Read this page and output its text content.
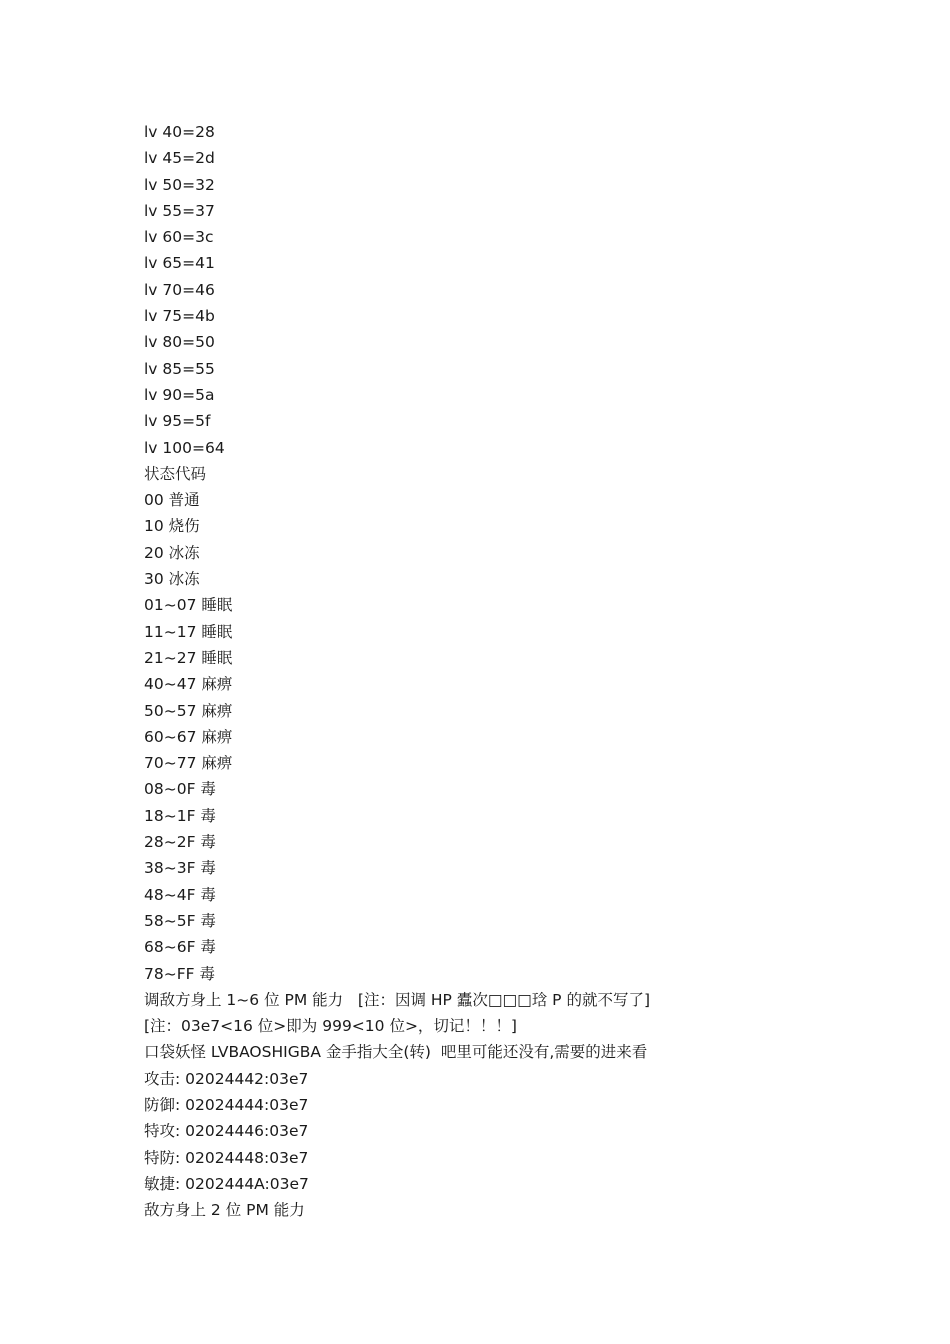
lv 40=28
lv 45=2d
lv 50=32
lv 55=37
lv 60=3c
lv 65=41
lv 70=46
lv 75=4b
lv 80=50
lv 85=55
lv 90=5a
lv 95=5f
lv 100=64
状态代码
00 普通
10 烧伤
20 冰冻
30 冰冻
01~07 睡眠
11~17 睡眠
21~27 睡眠
40~47 麻痹
50~57 麻痹
60~67 麻痹
70~77 麻痹
08~0F 毒
18~1F 毒
28~2F 毒
38~3F 毒
48~4F 毒
58~5F 毒
68~6F 毒
78~FF 毒
调敌方身上 1~6 位 PM 能力   [注：因调 HP 蠹次□□□琀 P 的就不写了]
[注：03e7<16 位>即为 999<10 位>，切记！！！]
口袋妖怪 LVBAOSHIGBA 金手指大全(转)  吧里可能还没有,需要的进来看
攻击: 02024442:03e7
防御: 02024444:03e7
特攻: 02024446:03e7
特防: 02024448:03e7
敏捷: 0202444A:03e7
敌方身上 2 位 PM 能力
